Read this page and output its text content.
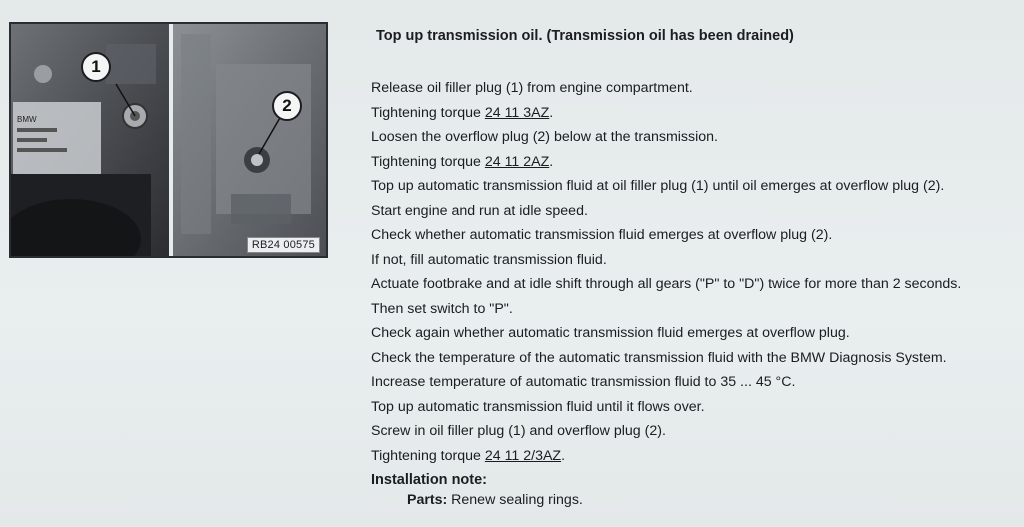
BMW
1
2
RB24 00575
Top up transmission oil. (Transmission oil has been drained)
Release oil filler plug (1) from engine compartment.
Tightening torque 24 11 3AZ.
Loosen the overflow plug (2) below at the transmission.
Tightening torque 24 11 2AZ.
Top up automatic transmission fluid at oil filler plug (1) until oil emerges at overflow plug (2).
Start engine and run at idle speed.
Check whether automatic transmission fluid emerges at overflow plug (2).
If not, fill automatic transmission fluid.
Actuate footbrake and at idle shift through all gears ("P" to "D") twice for more than 2 seconds.
Then set switch to "P".
Check again whether automatic transmission fluid emerges at overflow plug.
Check the temperature of the automatic transmission fluid with the BMW Diagnosis System.
Increase temperature of automatic transmission fluid to 35 ... 45 °C.
Top up automatic transmission fluid until it flows over.
Screw in oil filler plug (1) and overflow plug (2).
Tightening torque 24 11 2/3AZ.
Installation note:
Parts: Renew sealing rings.
